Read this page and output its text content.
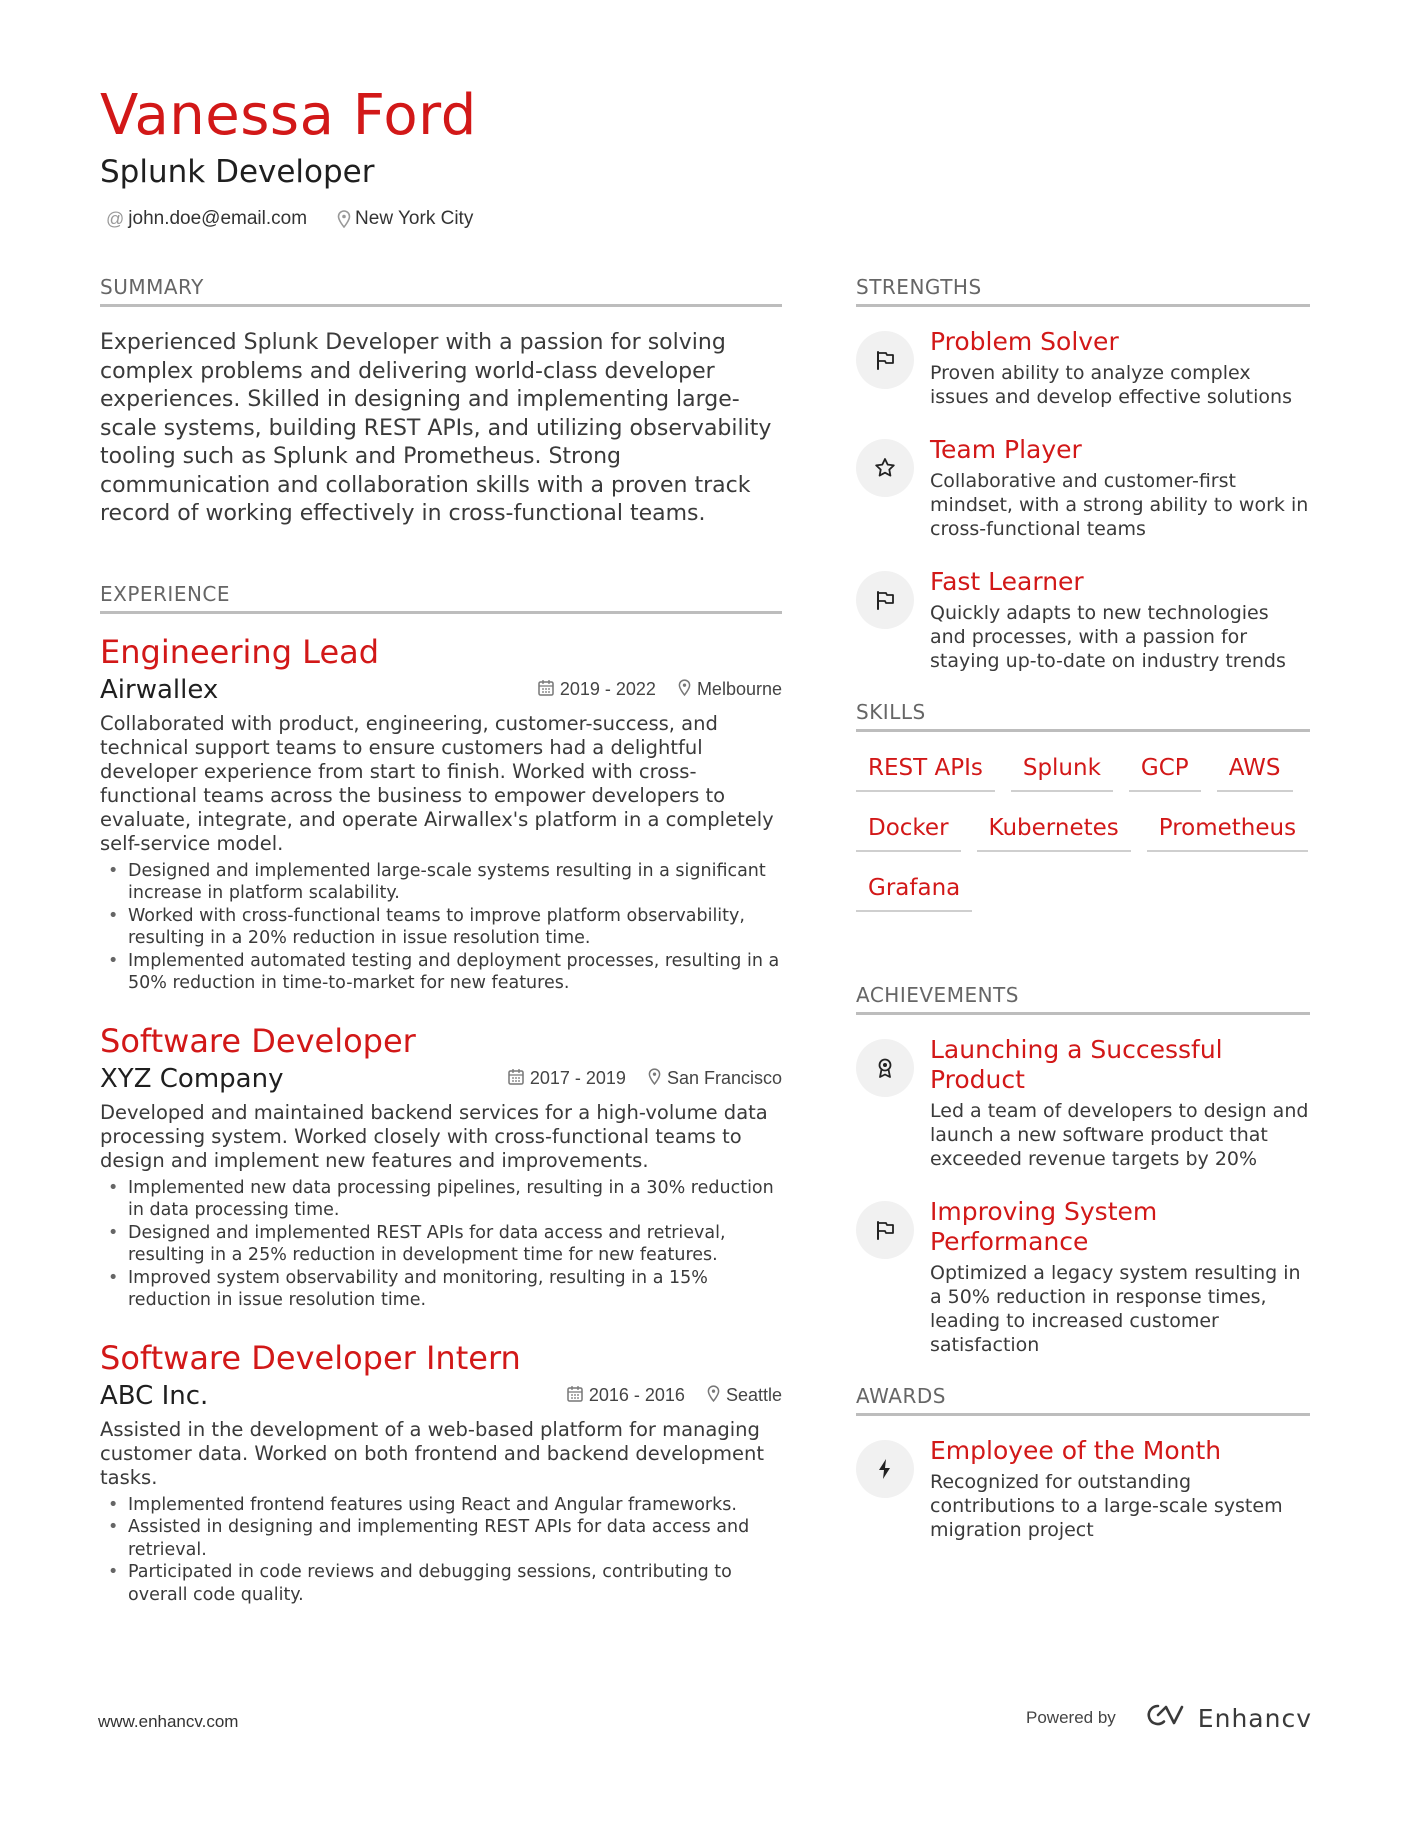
Vanessa Ford
Splunk Developer
@ john.doe@email.com	New York City
SUMMARY
Experienced Splunk Developer with a passion for solving complex problems and delivering world-class developer experiences. Skilled in designing and implementing large-scale systems, building REST APIs, and utilizing observability tooling such as Splunk and Prometheus. Strong communication and collaboration skills with a proven track record of working effectively in cross-functional teams.
EXPERIENCE
Engineering Lead
Airwallex	2019 - 2022 Melbourne
Collaborated with product, engineering, customer-success, and technical support teams to ensure customers had a delightful developer experience from start to finish. Worked with cross-functional teams across the business to empower developers to evaluate, integrate, and operate Airwallex's platform in a completely self-service model.
• Designed and implemented large-scale systems resulting in a significant increase in platform scalability.
• Worked with cross-functional teams to improve platform observability, resulting in a 20% reduction in issue resolution time.
• Implemented automated testing and deployment processes, resulting in a 50% reduction in time-to-market for new features.
Software Developer
XYZ Company	2017 - 2019 San Francisco
Developed and maintained backend services for a high-volume data processing system. Worked closely with cross-functional teams to design and implement new features and improvements.
• Implemented new data processing pipelines, resulting in a 30% reduction in data processing time.
• Designed and implemented REST APIs for data access and retrieval, resulting in a 25% reduction in development time for new features.
• Improved system observability and monitoring, resulting in a 15% reduction in issue resolution time.
Software Developer Intern
ABC Inc.	2016 - 2016 Seattle
Assisted in the development of a web-based platform for managing customer data. Worked on both frontend and backend development tasks.
• Implemented frontend features using React and Angular frameworks.
• Assisted in designing and implementing REST APIs for data access and retrieval.
• Participated in code reviews and debugging sessions, contributing to overall code quality.
STRENGTHS
Problem Solver
Proven ability to analyze complex issues and develop effective solutions
Team Player
Collaborative and customer-first mindset, with a strong ability to work in cross-functional teams
Fast Learner
Quickly adapts to new technologies and processes, with a passion for staying up-to-date on industry trends
SKILLS
REST APIs	Splunk	GCP	AWS
Docker	Kubernetes	Prometheus
Grafana
ACHIEVEMENTS
Launching a Successful Product
Led a team of developers to design and launch a new software product that exceeded revenue targets by 20%
Improving System Performance
Optimized a legacy system resulting in a 50% reduction in response times, leading to increased customer satisfaction
AWARDS
Employee of the Month
Recognized for outstanding contributions to a large-scale system migration project
www.enhancv.com	Powered by	Enhancv
